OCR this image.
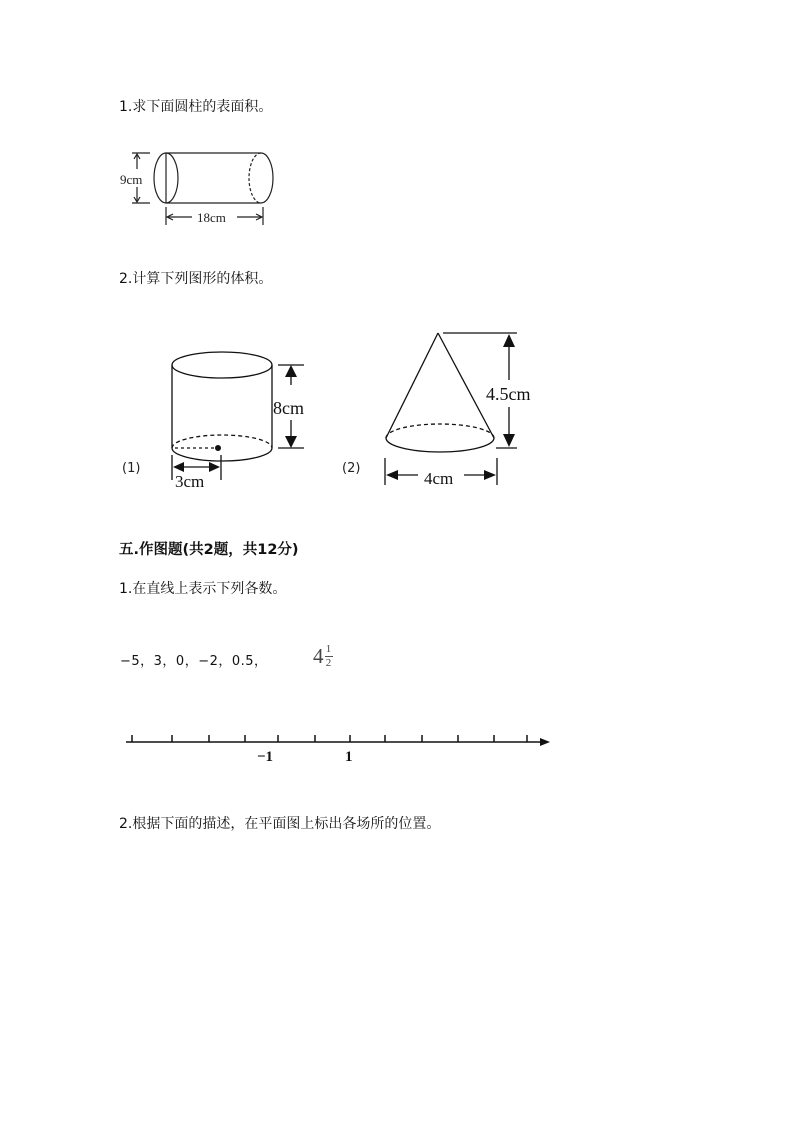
1.求下面圆柱的表面积。
9cm
18cm
2.计算下列图形的体积。
(1)
8cm
3cm
(2)
4.5cm
4cm
五.作图题(共2题，共12分)
1.在直线上表示下列各数。
−5，3，0，−2，0.5， $4 \frac{1}{2}$
−1	1
2.根据下面的描述，在平面图上标出各场所的位置。
